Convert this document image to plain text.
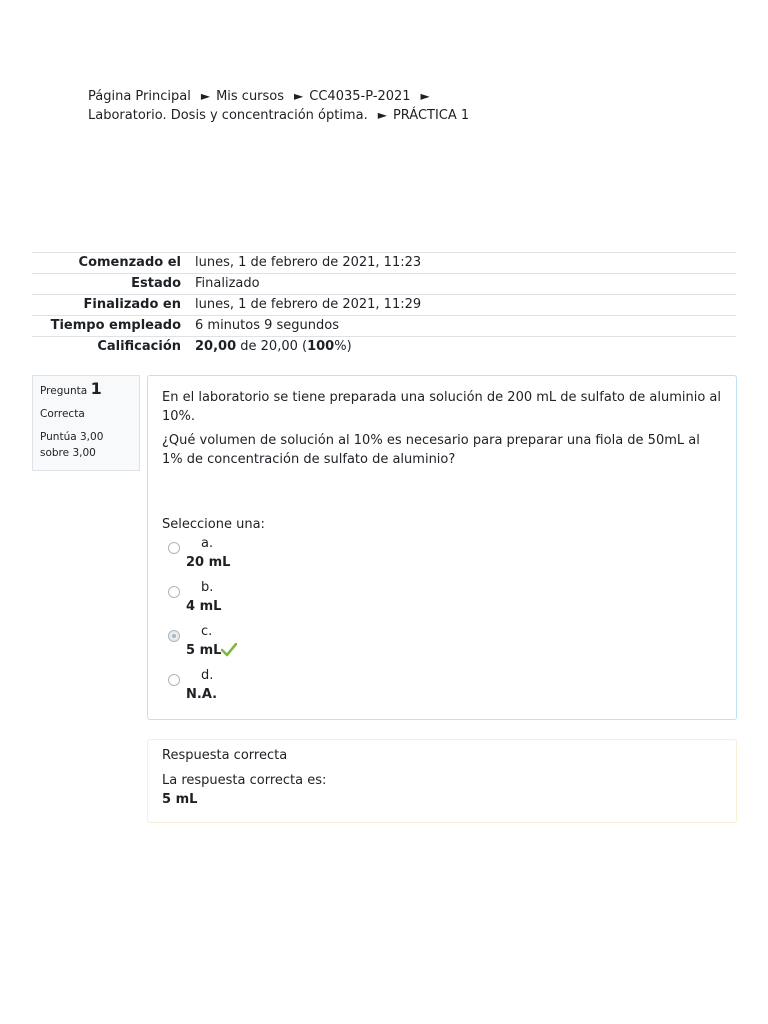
Página Principal ► Mis cursos ► CC4035-P-2021 ►
Laboratorio. Dosis y concentración óptima. ► PRÁCTICA 1
Comenzado el	lunes, 1 de febrero de 2021, 11:23
Estado	Finalizado
Finalizado en	lunes, 1 de febrero de 2021, 11:29
Tiempo empleado	6 minutos 9 segundos
Calificación	20,00 de 20,00 (100%)
Pregunta 1
Correcta
Puntúa 3,00 sobre 3,00

En el laboratorio se tiene preparada una solución de 200 mL de sulfato de aluminio al 10%.

¿Qué volumen de solución al 10% es necesario para preparar una fiola de 50mL al 1% de concentración de sulfato de aluminio?

Seleccione una:
a.
20 mL
b.
4 mL
c.
5 mL
d.
N.A.
Respuesta correcta
La respuesta correcta es:
5 mL
